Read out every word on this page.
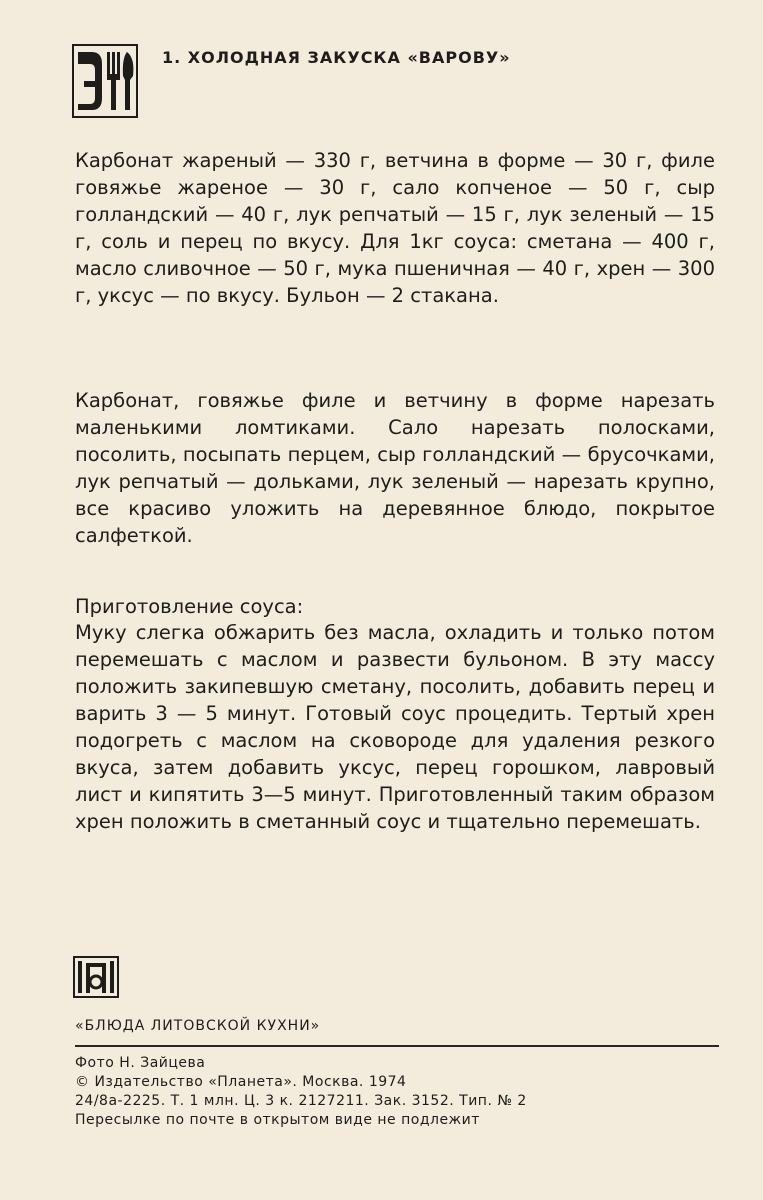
1. ХОЛОДНАЯ ЗАКУСКА «ВАРОВУ»

Карбонат жареный — 330 г, ветчина в форме — 30 г, филе говяжье жареное — 30 г, сало копченое — 50 г, сыр голландский — 40 г, лук репчатый — 15 г, лук зеленый — 15 г, соль и перец по вкусу. Для 1кг соуса: сметана — 400 г, масло сливочное — 50 г, мука пшеничная — 40 г, хрен — 300 г, уксус — по вкусу. Бульон — 2 стакана.

Карбонат, говяжье филе и ветчину в форме нарезать маленькими ломтиками. Сало нарезать полосками, посолить, посыпать перцем, сыр голландский — брусочками, лук репчатый — дольками, лук зеленый — нарезать крупно, все красиво уложить на деревянное блюдо, покрытое салфеткой.

Приготовление соуса:

Муку слегка обжарить без масла, охладить и только потом перемешать с маслом и развести бульоном. В эту массу положить закипевшую сметану, посолить, добавить перец и варить 3 — 5 минут. Готовый соус процедить. Тертый хрен подогреть с маслом на сковороде для удаления резкого вкуса, затем добавить уксус, перец горошком, лавровый лист и кипятить 3—5 минут. Приготовленный таким образом хрен положить в сметанный соус и тщательно перемешать.

«БЛЮДА ЛИТОВСКОЙ КУХНИ»
Фото Н. Зайцева
© Издательство «Планета». Москва. 1974
24/8а-2225. Т. 1 млн. Ц. 3 к. 2127211. Зак. 3152. Тип. № 2
Пересылке по почте в открытом виде не подлежит
